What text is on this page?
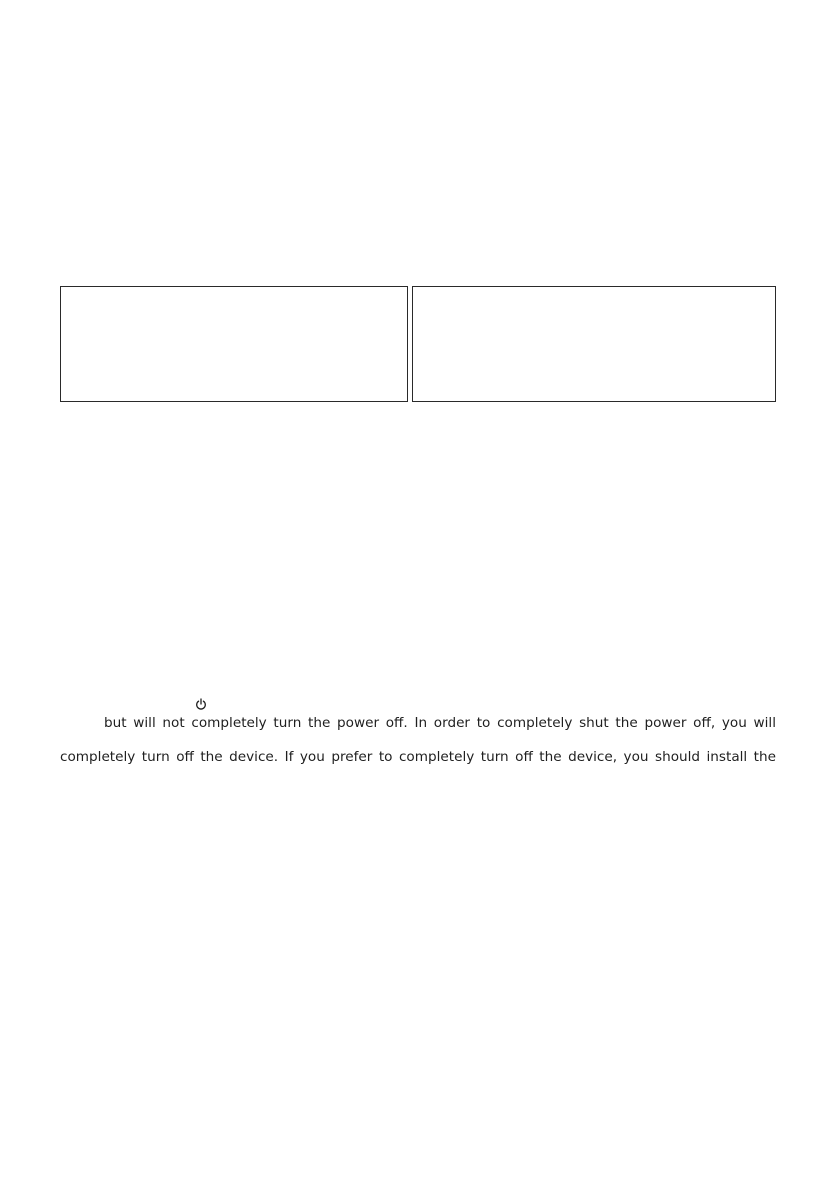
but will not completely turn the power off. In order to completely shut the power off, you will
completely turn off the device. If you prefer to completely turn off the device, you should install the
